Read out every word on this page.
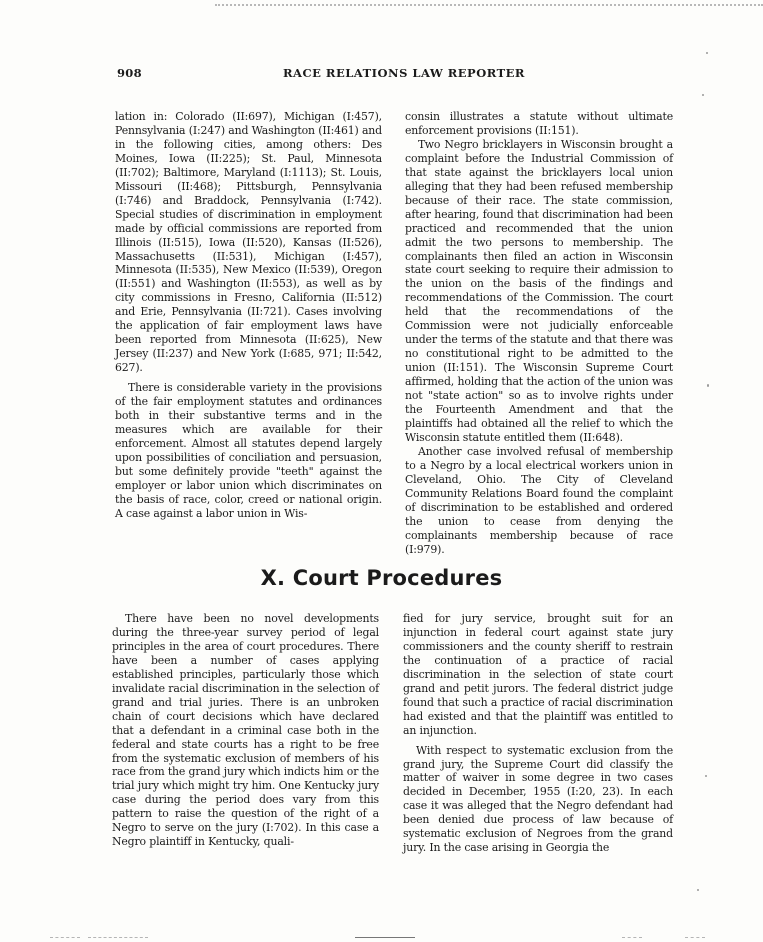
908	RACE RELATIONS LAW REPORTER

lation in: Colorado (II:697), Michigan (I:457), Pennsylvania (I:247) and Washington (II:461) and in the following cities, among others: Des Moines, Iowa (II:225); St. Paul, Minnesota (II:702); Baltimore, Maryland (I:1113); St. Louis, Missouri (II:468); Pittsburgh, Pennsylvania (I:746) and Braddock, Pennsylvania (I:742). Special studies of discrimination in employment made by official commissions are reported from Illinois (II:515), Iowa (II:520), Kansas (II:526), Massachusetts (II:531), Michigan (I:457), Minnesota (II:535), New Mexico (II:539), Oregon (II:551) and Washington (II:553), as well as by city commissions in Fresno, California (II:512) and Erie, Pennsylvania (II:721). Cases involving the application of fair employment laws have been reported from Minnesota (II:625), New Jersey (II:237) and New York (I:685, 971; II:542, 627).

There is considerable variety in the provisions of the fair employment statutes and ordinances both in their substantive terms and in the measures which are available for their enforcement. Almost all statutes depend largely upon possibilities of conciliation and persuasion, but some definitely provide "teeth" against the employer or labor union which discriminates on the basis of race, color, creed or national origin. A case against a labor union in Wis-

consin illustrates a statute without ultimate enforcement provisions (II:151).

Two Negro bricklayers in Wisconsin brought a complaint before the Industrial Commission of that state against the bricklayers local union alleging that they had been refused membership because of their race. The state commission, after hearing, found that discrimination had been practiced and recommended that the union admit the two persons to membership. The complainants then filed an action in Wisconsin state court seeking to require their admission to the union on the basis of the findings and recommendations of the Commission. The court held that the recommendations of the Commission were not judicially enforceable under the terms of the statute and that there was no constitutional right to be admitted to the union (II:151). The Wisconsin Supreme Court affirmed, holding that the action of the union was not "state action" so as to involve rights under the Fourteenth Amendment and that the plaintiffs had obtained all the relief to which the Wisconsin statute entitled them (II:648).

Another case involved refusal of membership to a Negro by a local electrical workers union in Cleveland, Ohio. The City of Cleveland Community Relations Board found the complaint of discrimination to be established and ordered the union to cease from denying the complainants membership because of race (I:979).

X. Court Procedures

There have been no novel developments during the three-year survey period of legal principles in the area of court procedures. There have been a number of cases applying established principles, particularly those which invalidate racial discrimination in the selection of grand and trial juries. There is an unbroken chain of court decisions which have declared that a defendant in a criminal case both in the federal and state courts has a right to be free from the systematic exclusion of members of his race from the grand jury which indicts him or the trial jury which might try him. One Kentucky jury case during the period does vary from this pattern to raise the question of the right of a Negro to serve on the jury (I:702). In this case a Negro plaintiff in Kentucky, quali-

fied for jury service, brought suit for an injunction in federal court against state jury commissioners and the county sheriff to restrain the continuation of a practice of racial discrimination in the selection of state court grand and petit jurors. The federal district judge found that such a practice of racial discrimination had existed and that the plaintiff was entitled to an injunction.

With respect to systematic exclusion from the grand jury, the Supreme Court did classify the matter of waiver in some degree in two cases decided in December, 1955 (I:20, 23). In each case it was alleged that the Negro defendant had been denied due process of law because of systematic exclusion of Negroes from the grand jury. In the case arising in Georgia the
